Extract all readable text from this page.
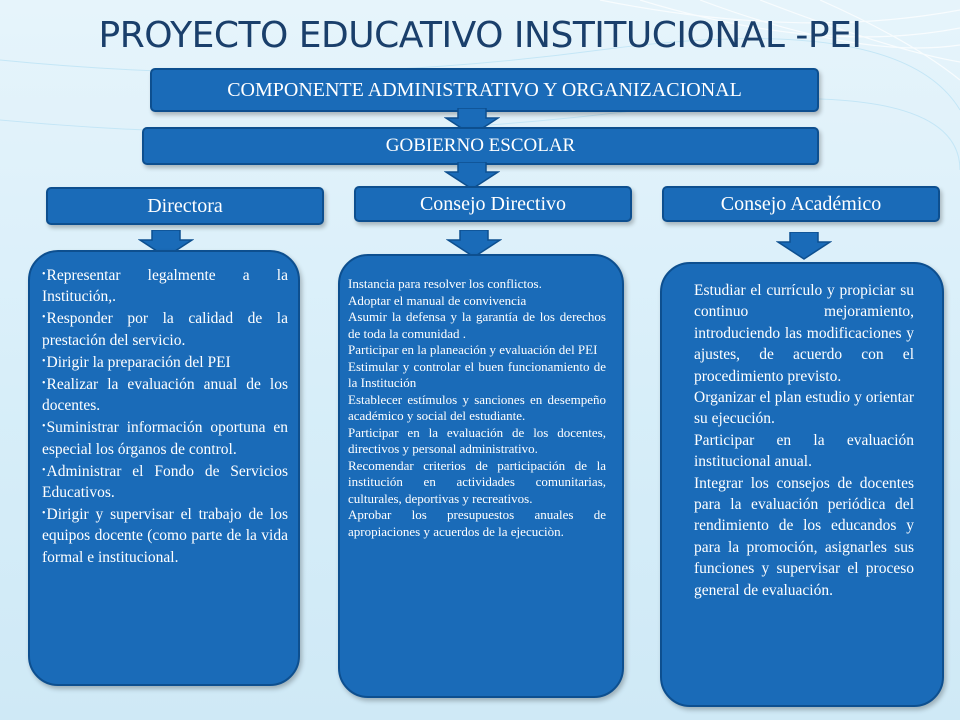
PROYECTO EDUCATIVO INSTITUCIONAL -PEI
COMPONENTE ADMINISTRATIVO Y ORGANIZACIONAL
GOBIERNO ESCOLAR
Directora	Consejo Directivo	Consejo Académico
• Representar legalmente a la Institución,.
• Responder por la calidad de la prestación del servicio.
• Dirigir la preparación del PEI
• Realizar la evaluación anual de los docentes.
• Suministrar información oportuna en especial los órganos de control.
• Administrar el Fondo de Servicios Educativos.
• Dirigir y supervisar el trabajo de los equipos docente (como parte de la vida formal e institucional.
Instancia para resolver los conflictos.
Adoptar el manual de convivencia
Asumir la defensa y la garantía de los derechos de toda la comunidad .
Participar en la planeación y evaluación del PEI
Estimular y controlar el buen funcionamiento de la Institución
Establecer estímulos y sanciones en desempeño académico y social del estudiante.
Participar en la evaluación de los docentes, directivos y personal administrativo.
Recomendar criterios de participación de la institución en actividades comunitarias, culturales, deportivas y recreativos.
Aprobar los presupuestos anuales de apropiaciones y acuerdos de la ejecuciòn.
Estudiar el currículo y propiciar su continuo mejoramiento, introduciendo las modificaciones y ajustes, de acuerdo con el procedimiento previsto.
Organizar el plan estudio y orientar su ejecución.
Participar en la evaluación institucional anual.
Integrar los consejos de docentes para la evaluación periódica del rendimiento de los educandos y para la promoción, asignarles sus funciones y supervisar el proceso general de evaluación.
